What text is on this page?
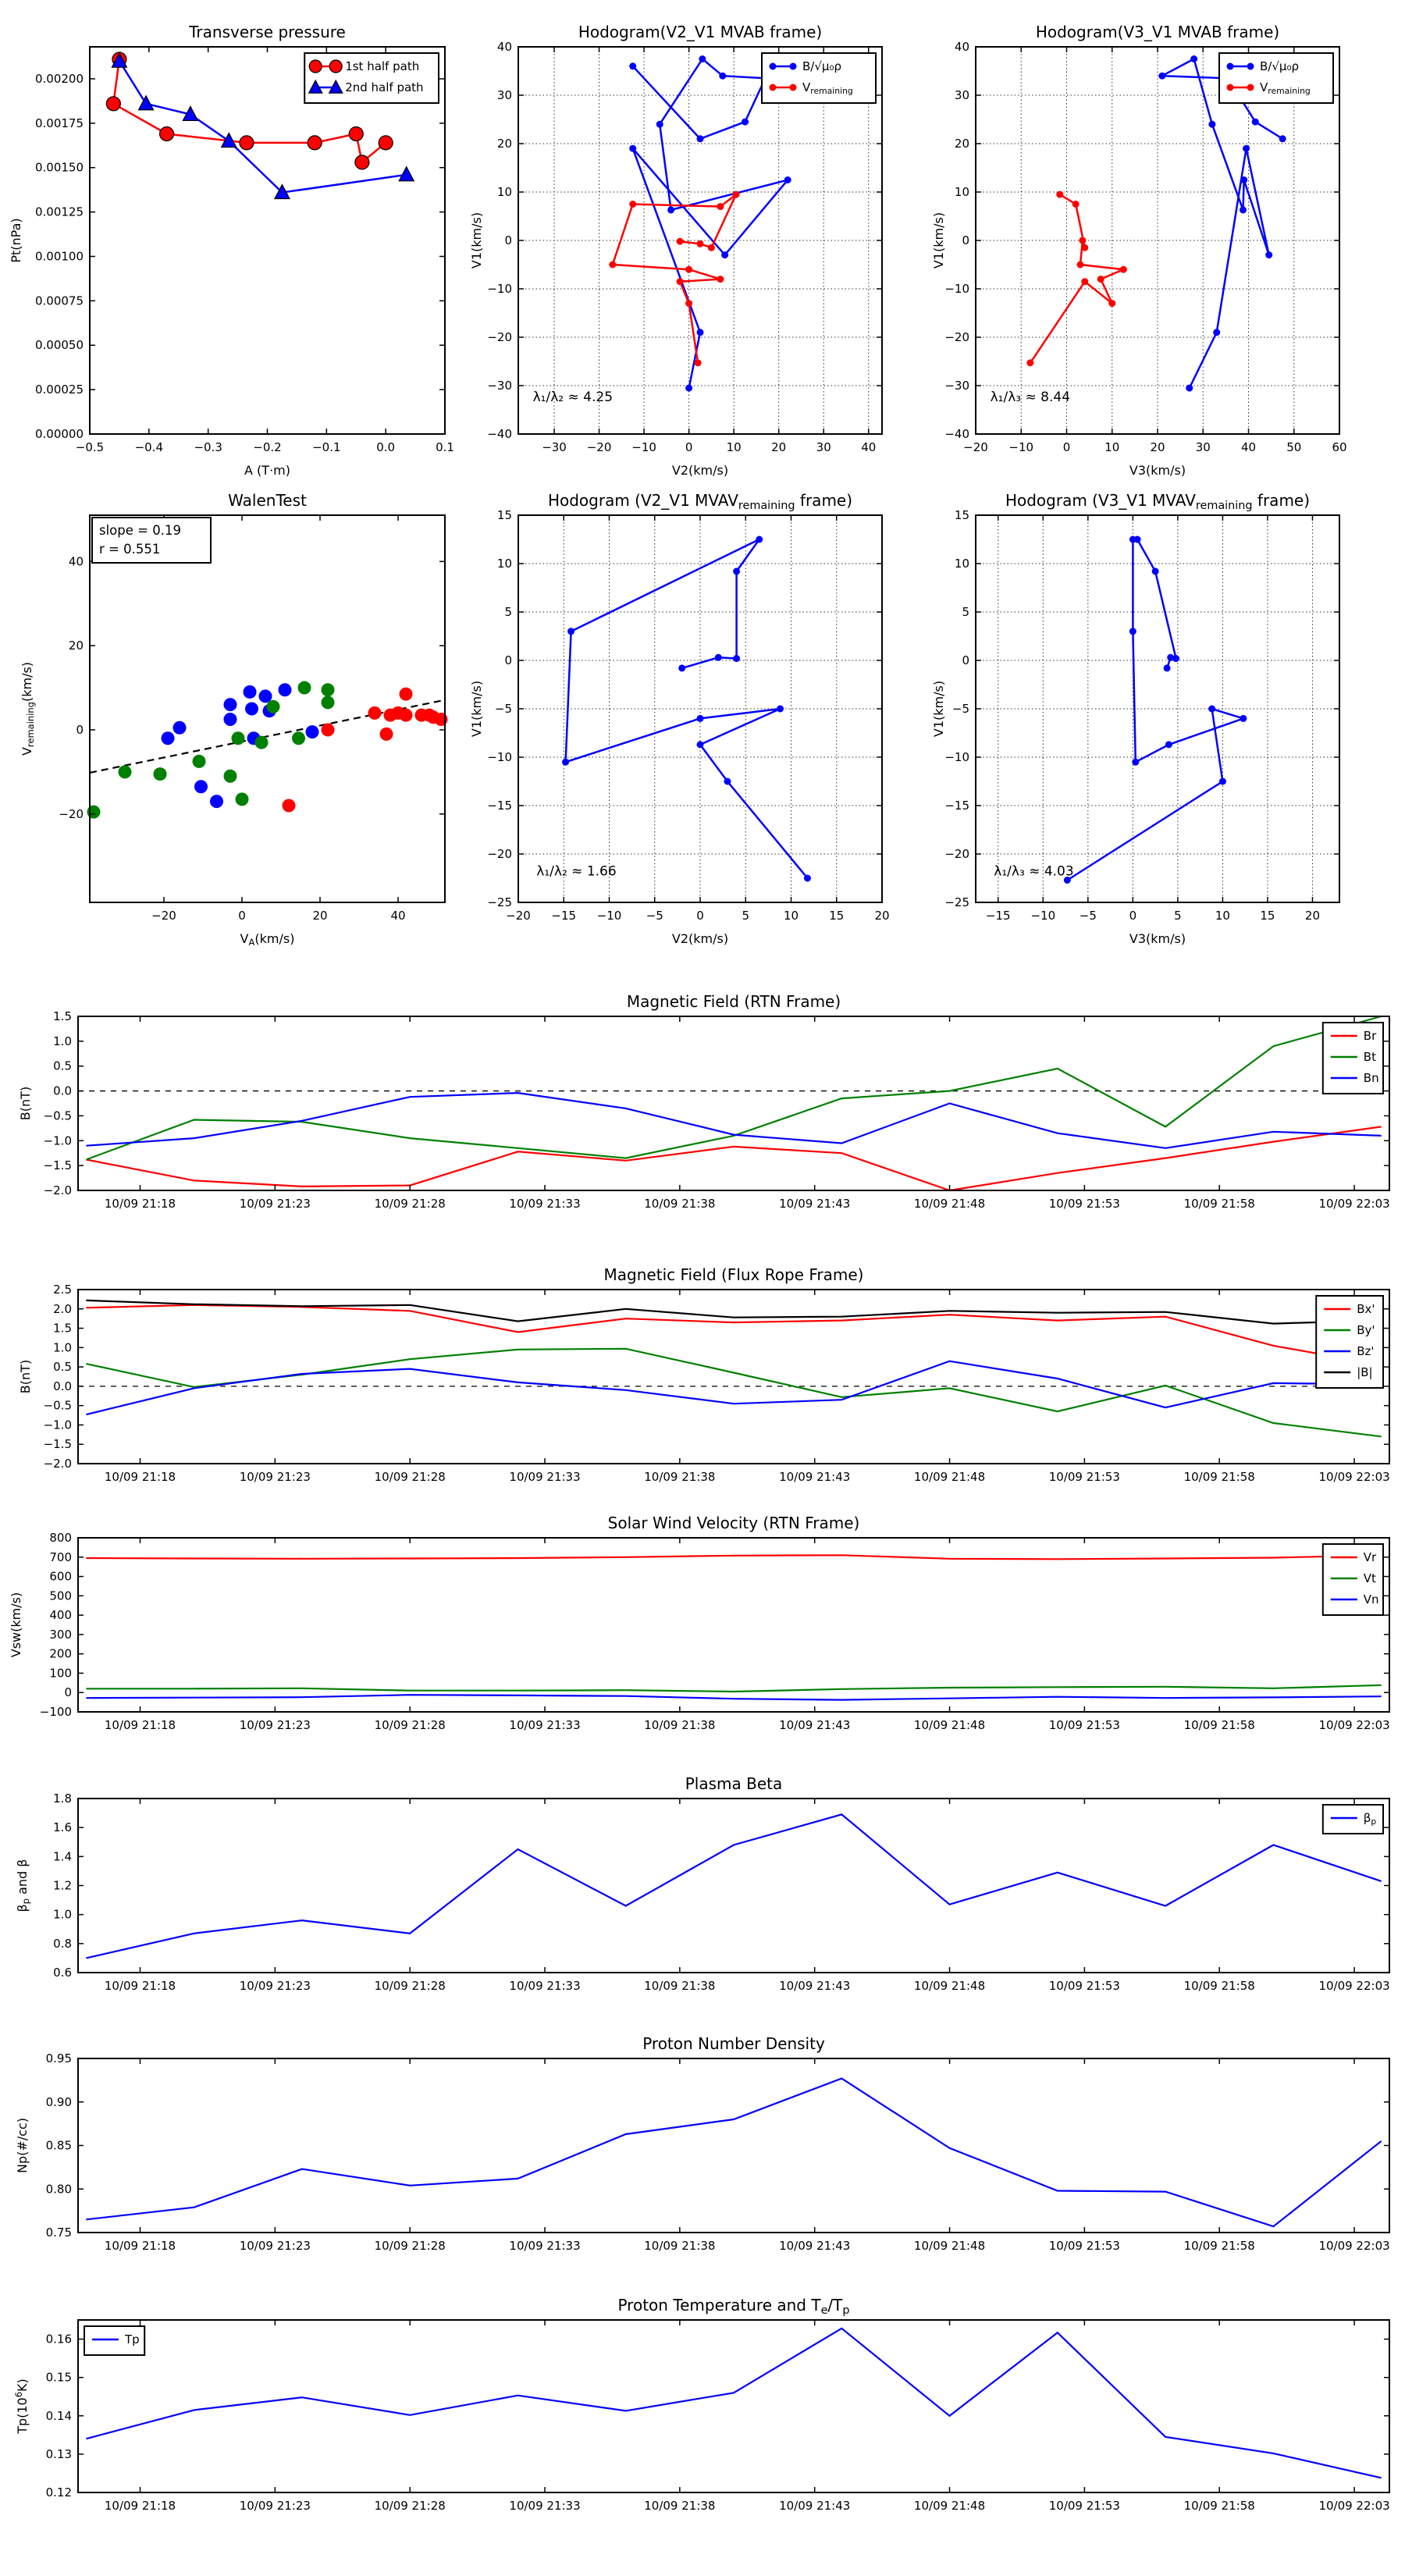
−0.5	−0.4	−0.3	−0.2	−0.1	0.0	0.1
0.00000
0.00025
0.00050
0.00075
0.00100
0.00125
0.00150
0.00175
0.00200
Transverse pressure
A (T·m)
Pt(nPa)
1st half path
2nd half path
−30 −20 −10 0	10	20	30	40
−40
−30
−20
−10
0
10
20
30
40
Hodogram(V2_V1 MVAB frame)
V2(km/s)
V1(km/s)
B/√μ₀ρ
$V_{remaining}$
λ₁/λ₂ ≈ 4.25
−20 −10	0	10	20	30	40	50	60
−40
−30
−20
−10
0
10
20
30
40
Hodogram(V3_V1 MVAB frame)
V3(km/s)
V1(km/s)
B/√μ₀ρ
$V_{remaining}$
λ₁/λ₃ ≈ 8.44
−20	0	20	40
−20
0
20
40
WalenTest
$V_A(km/s)$
$V_{remaining}(km/s)$
slope = 0.19
r = 0.551
−20 −15 −10 −5	0	5	10	15	20
−25
−20
−15
−10
−5
0
5
10
15
Hodogram (V2_V1 $MVAV_{remaining}$ frame)
V2(km/s)
V1(km/s)
λ₁/λ₂ ≈ 1.66
−15 −10 −5	0	5	10	15	20
−25
−20
−15
−10
−5
0
5
10
15
Hodogram (V3_V1 $MVAV_{remaining}$ frame)
V3(km/s)
V1(km/s)
λ₁/λ₃ ≈ 4.03
10/09 21:18	10/09 21:23	10/09 21:28	10/09 21:33	10/09 21:38	10/09 21:43	10/09 21:48	10/09 21:53	10/09 21:58	10/09 22:03
−2.0
−1.5
−1.0
−0.5
0.0
0.5
1.0
1.5
Magnetic Field (RTN Frame)
B(nT)
Br
Bt
Bn
10/09 21:18	10/09 21:23	10/09 21:28	10/09 21:33	10/09 21:38	10/09 21:43	10/09 21:48	10/09 21:53	10/09 21:58	10/09 22:03
−2.0
−1.5
−1.0
−0.5
0.0
0.5
1.0
1.5
2.0
2.5
Magnetic Field (Flux Rope Frame)
B(nT)
Bx'
By'
Bz'
|B|
10/09 21:18	10/09 21:23	10/09 21:28	10/09 21:33	10/09 21:38	10/09 21:43	10/09 21:48	10/09 21:53	10/09 21:58	10/09 22:03
−100
0
100
200
300
400
500
600
700
800
Solar Wind Velocity (RTN Frame)
Vsw(km/s)
Vr
Vt
Vn
10/09 21:18	10/09 21:23	10/09 21:28	10/09 21:33	10/09 21:38	10/09 21:43	10/09 21:48	10/09 21:53	10/09 21:58	10/09 22:03
0.6
0.8
1.0
1.2
1.4
1.6
1.8
Plasma Beta
$\beta_p$ and β
$\beta_p$
10/09 21:18	10/09 21:23	10/09 21:28	10/09 21:33	10/09 21:38	10/09 21:43	10/09 21:48	10/09 21:53	10/09 21:58	10/09 22:03
0.75
0.80
0.85
0.90
0.95
Proton Number Density
Np(#/cc)
10/09 21:18	10/09 21:23	10/09 21:28	10/09 21:33	10/09 21:38	10/09 21:43	10/09 21:48	10/09 21:53	10/09 21:58	10/09 22:03
0.12
0.13
0.14
0.15
0.16
Proton Temperature and $T_e/T_p$
$Tp(10^6K)$
Tp
